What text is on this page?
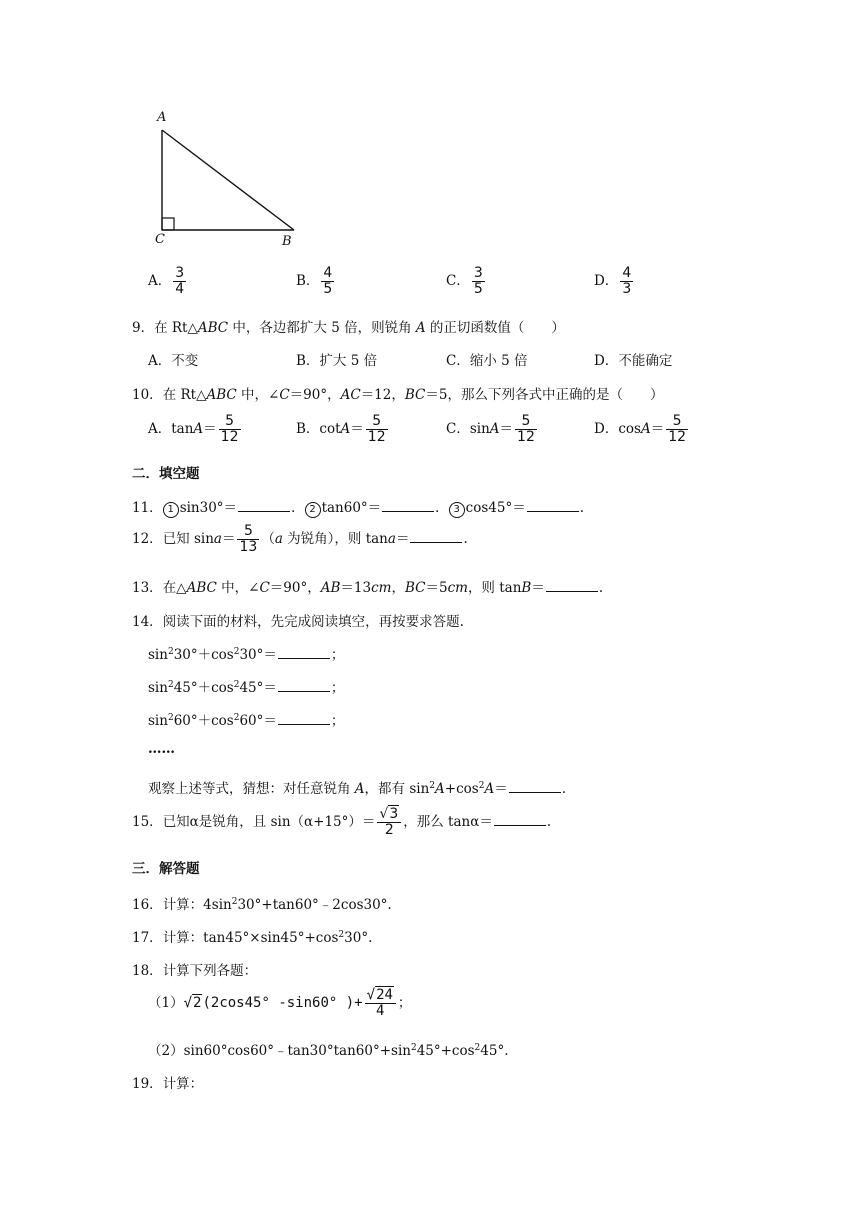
A
C	B
A． $\frac{3}{4}$	B． $\frac{4}{5}$	C． $\frac{3}{5}$	D． $\frac{4}{3}$
9．在 Rt△ABC 中，各边都扩大 5 倍，则锐角 A 的正切函数值（　　）
A．不变	B．扩大 5 倍	C．缩小 5 倍	D．不能确定
10．在 Rt△ABC 中，∠C＝90°，AC＝12，BC＝5，那么下列各式中正确的是（　　）
A．$\tan A= \frac{5}{12}$	B．$\cot A= \frac{5}{12}$	C．$\sin A= \frac{5}{12}$	D．$\cos A= \frac{5}{12}$
二．填空题
11． 1 sin30°＝	． 2 tan60°＝	． 3 cos45°＝	.
12．已知 $\sin a= \frac{5}{13} (a$ 为锐角），则 tana＝	.
13．在△ABC 中，∠C＝90°，AB＝13cm，BC＝5cm，则 tanB＝	.
14．阅读下面的材料，先完成阅读填空，再按要求答题.
$\sin^230^\circ+\cos^230^\circ=$	；
$\sin^245^\circ+\cos^245^\circ=$	；
$\sin^260^\circ+\cos^260^\circ=$	；
……
观察上述等式，猜想：对任意锐角 A，都有 $\sin^2A+\cos^2A=$	.
15．已知α是锐角，且 $\sin(\alpha+15^\circ)= \frac{√3}{2}$ ，那么 tanα＝	.
三．解答题
16．计算：$4\sin^230^\circ+\tan 60^\circ﹣2\cos 30^\circ$.
17．计算：$\tan 45^\circ\times\sin 45^\circ+\cos^230^\circ$.
18．计算下列各题：
（1）√2(2cos45° -sin60° )+ $\frac{√24}{4}$ ；
$(2)\sin 60^\circ\cos 60^\circ﹣\tan 30^\circ\tan 60^\circ+\sin^245^\circ+\cos^245^\circ$.
19．计算：
